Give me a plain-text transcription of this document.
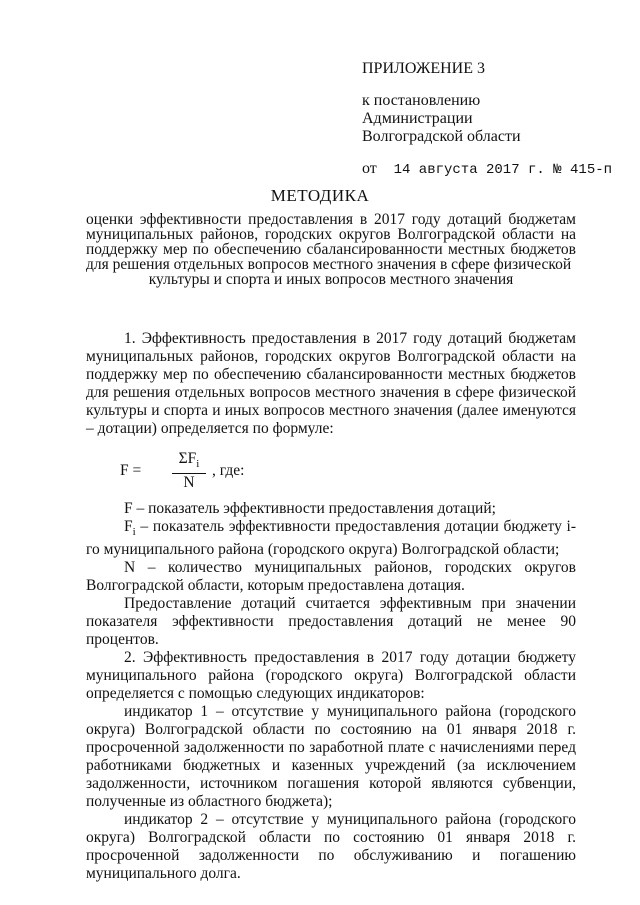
ПРИЛОЖЕНИЕ 3
к постановлению
Администрации
Волгоградской области
от 14 августа 2017 г. № 415-п
МЕТОДИКА
оценки эффективности предоставления в 2017 году дотаций бюджетам муниципальных районов, городских округов Волгоградской области на поддержку мер по обеспечению сбалансированности местных бюджетов для решения отдельных вопросов местного значения в сфере физической
культуры и спорта и иных вопросов местного значения

1. Эффективность предоставления в 2017 году дотаций бюджетам муниципальных районов, городских округов Волгоградской области на поддержку мер по обеспечению сбалансированности местных бюджетов для решения отдельных вопросов местного значения в сфере физической культуры и спорта и иных вопросов местного значения (далее именуются – дотации) определяется по формуле:

F =
$\Sigma F_i$
N
, где:

F – показатель эффективности предоставления дотаций;

$F_i$ – показатель эффективности предоставления дотации бюджету i-го муниципального района (городского округа) Волгоградской области;

N – количество муниципальных районов, городских округов Волгоградской области, которым предоставлена дотация.

Предоставление дотаций считается эффективным при значении показателя эффективности предоставления дотаций не менее 90 процентов.

2. Эффективность предоставления в 2017 году дотации бюджету муниципального района (городского округа) Волгоградской области определяется с помощью следующих индикаторов:

индикатор 1 – отсутствие у муниципального района (городского округа) Волгоградской области по состоянию на 01 января 2018 г. просроченной задолженности по заработной плате с начислениями перед работниками бюджетных и казенных учреждений (за исключением задолженности, источником погашения которой являются субвенции, полученные из областного бюджета);

индикатор 2 – отсутствие у муниципального района (городского округа) Волгоградской области по состоянию 01 января 2018 г. просроченной задолженности по обслуживанию и погашению муниципального долга.
